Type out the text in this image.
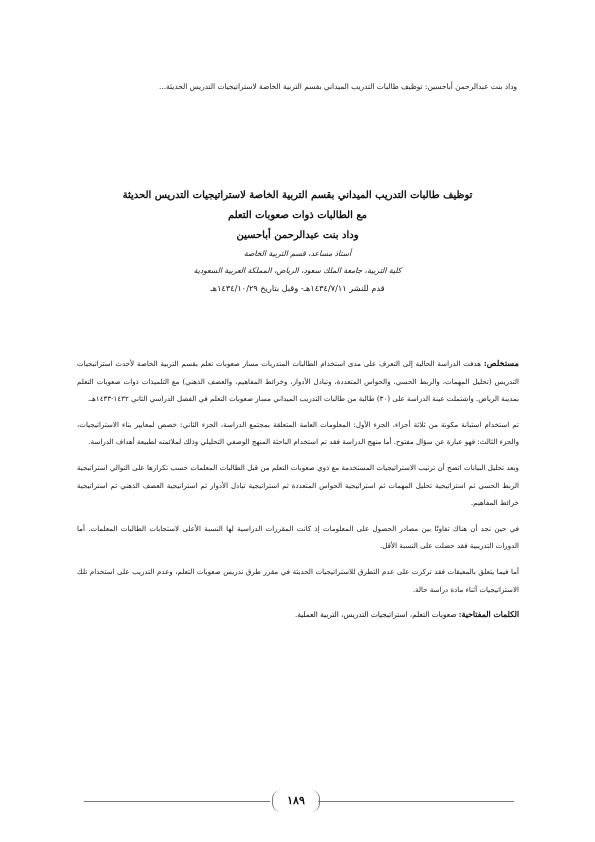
وداد بنت عبدالرحمن أباحسين: توظيف طالبات التدريب الميداني بقسم التربية الخاصة لاستراتيجيات التدريس الحديثة...
توظيف طالبات التدريب الميداني بقسم التربية الخاصة لاستراتيجيات التدريس الحديثة
مع الطالبات ذوات صعوبات التعلم
وداد بنت عبدالرحمن أباحسين
أستاذ مساعد، قسم التربية الخاصة
كلية التربية، جامعة الملك سعود، الرياض، المملكة العربية السعودية
قدم للنشر ١٤٣٤/٧/١١هـ- وقبل بتاريخ ١٤٣٤/١٠/٢٩هـ

مستخلص: هدفت الدراسة الحالية إلى التعرف على مدى استخدام الطالبات المتدربات مسار صعوبات تعلم بقسم التربية الخاصة لأحدث استراتيجيات التدريس (تحليل المهمات، والربط الحسي، والحواس المتعددة، وتبادل الأدوار، وخرائط المفاهيم، والعصف الذهني) مع التلميذات ذوات صعوبات التعلم بمدينة الرياض. واشتملت عينة الدراسة على (٣٠) طالبة من طالبات التدريب الميداني مسار صعوبات التعلم في الفصل الدراسي الثاني ١٤٣٢-١٤٣٣هـ.

تم استخدام استبانة مكونة من ثلاثة أجزاء، الجزء الأول: المعلومات العامة المتعلقة بمجتمع الدراسة، الجزء الثاني: خصص لمعايير بناء الاستراتيجيات، والجزء الثالث: فهو عبارة عن سؤال مفتوح. أما منهج الدراسة فقد تم استخدام الباحثة المنهج الوصفي التحليلي وذلك لملائمته لطبيعة أهداف الدراسة.

وبعد تحليل البيانات اتضح أن ترتيب الاستراتيجيات المستخدمة مع ذوي صعوبات التعلم من قبل الطالبات المعلمات حسب تكرارها على التوالي استراتيجية الربط الحسي ثم استراتيجية تحليل المهمات ثم استراتيجية الحواس المتعددة ثم استراتيجية تبادل الأدوار ثم استراتيجية العصف الذهني ثم استراتيجية خرائط المفاهيم.

في حين نجد أن هناك تفاوتًا بين مصادر الحصول على المعلومات إذ كانت المقررات الدراسية لها النسبة الأعلى لاستجابات الطالبات المعلمات. أما الدورات التدريبية فقد حصلت على النسبة الأقل.

أما فيما يتعلق بالمعيقات فقد تركزت على عدم التطرق للاستراتيجيات الحديثة في مقرر طرق تدريس صعوبات التعلم، وعدم التدريب على استخدام تلك الاستراتيجيات أثناء مادة دراسة حالة.

الكلمات المفتاحية: صعوبات التعلم، استراتيجيات التدريس، التربية العملية.
١٨٩
